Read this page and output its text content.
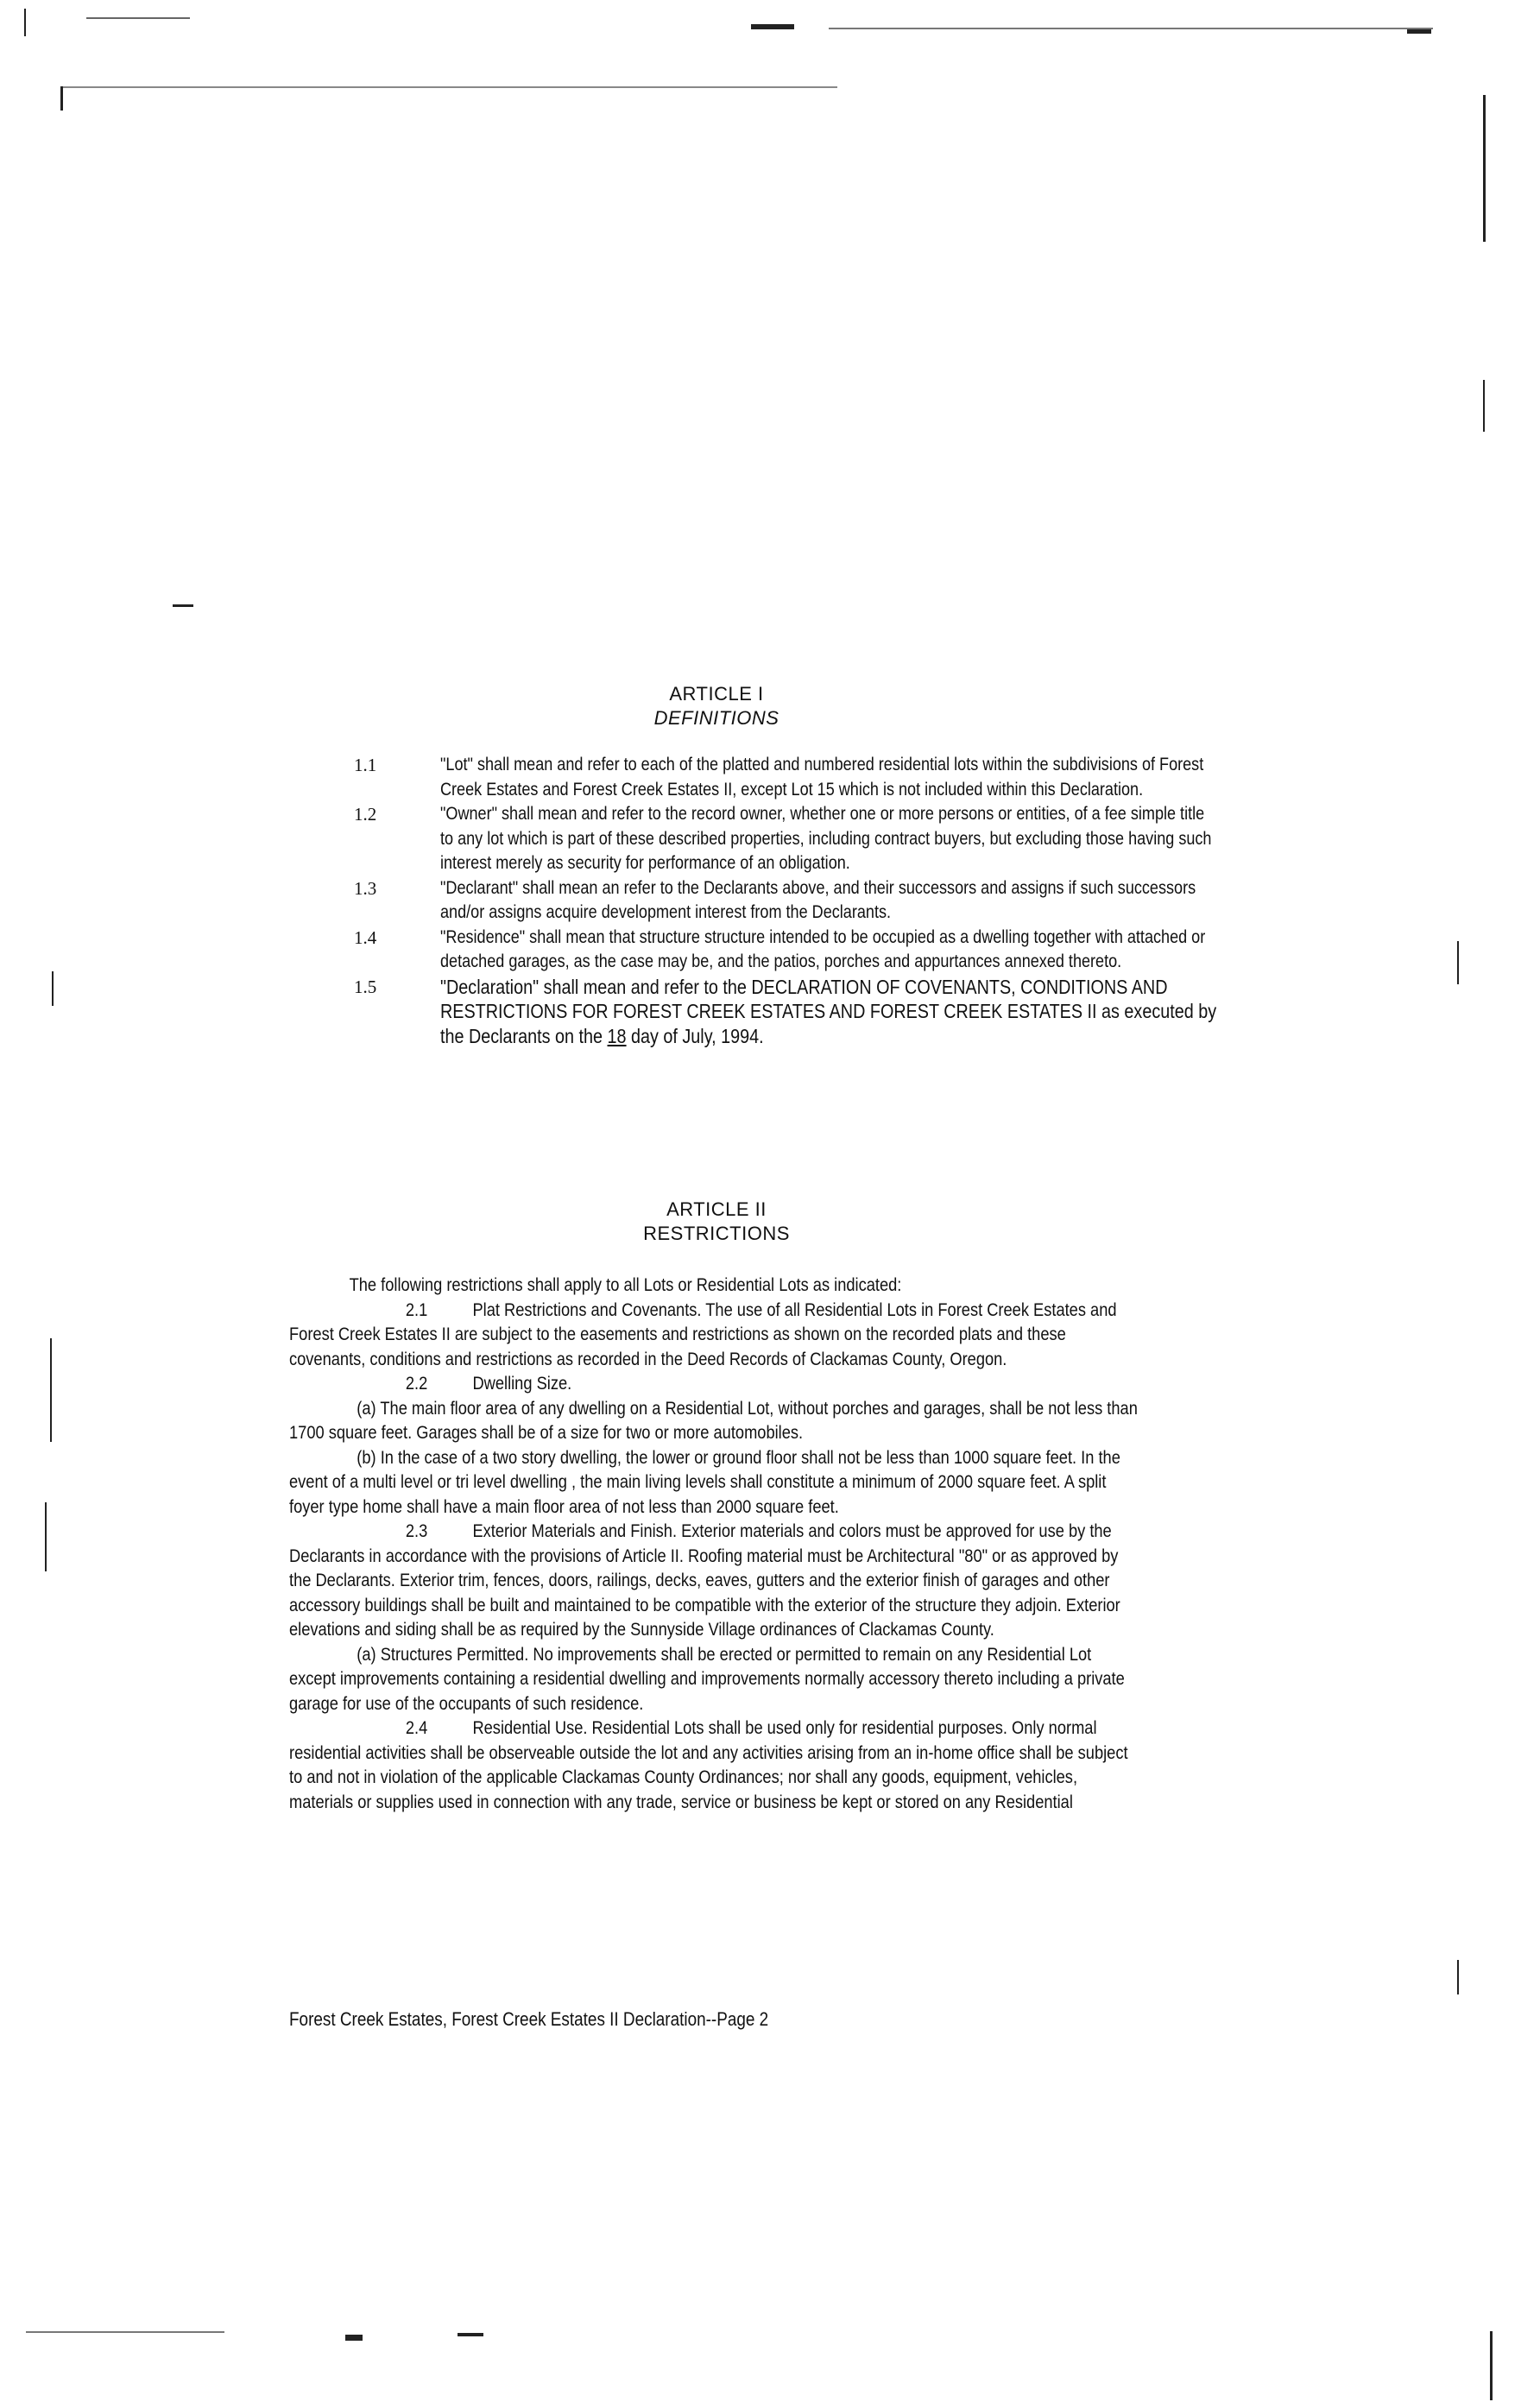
ARTICLE I
DEFINITIONS
1.1	"Lot" shall mean and refer to each of the platted and numbered residential lots within the subdivisions of Forest Creek Estates and Forest Creek Estates II, except Lot 15 which is not included within this Declaration.
1.2	"Owner" shall mean and refer to the record owner, whether one or more persons or entities, of a fee simple title to any lot which is part of these described properties, including contract buyers, but excluding those having such interest merely as security for performance of an obligation.
1.3	"Declarant" shall mean an refer to the Declarants above, and their successors and assigns if such successors and/or assigns acquire development interest from the Declarants.
1.4	"Residence" shall mean that structure structure intended to be occupied as a dwelling together with attached or detached garages, as the case may be, and the patios, porches and appurtances annexed thereto.
1.5	"Declaration" shall mean and refer to the DECLARATION OF COVENANTS, CONDITIONS AND RESTRICTIONS FOR FOREST CREEK ESTATES AND FOREST CREEK ESTATES II as executed by the Declarants on the 18 day of July, 1994.
ARTICLE II
RESTRICTIONS

The following restrictions shall apply to all Lots or Residential Lots as indicated:

2.1 Plat Restrictions and Covenants. The use of all Residential Lots in Forest Creek Estates and Forest Creek Estates II are subject to the easements and restrictions as shown on the recorded plats and these covenants, conditions and restrictions as recorded in the Deed Records of Clackamas County, Oregon.

2.2 Dwelling Size.

(a) The main floor area of any dwelling on a Residential Lot, without porches and garages, shall be not less than 1700 square feet. Garages shall be of a size for two or more automobiles.

(b) In the case of a two story dwelling, the lower or ground floor shall not be less than 1000 square feet. In the event of a multi level or tri level dwelling , the main living levels shall constitute a minimum of 2000 square feet. A split foyer type home shall have a main floor area of not less than 2000 square feet.

2.3 Exterior Materials and Finish. Exterior materials and colors must be approved for use by the Declarants in accordance with the provisions of Article II. Roofing material must be Architectural "80" or as approved by the Declarants. Exterior trim, fences, doors, railings, decks, eaves, gutters and the exterior finish of garages and other accessory buildings shall be built and maintained to be compatible with the exterior of the structure they adjoin. Exterior elevations and siding shall be as required by the Sunnyside Village ordinances of Clackamas County.

(a) Structures Permitted. No improvements shall be erected or permitted to remain on any Residential Lot except improvements containing a residential dwelling and improvements normally accessory thereto including a private garage for use of the occupants of such residence.

2.4 Residential Use. Residential Lots shall be used only for residential purposes. Only normal residential activities shall be observeable outside the lot and any activities arising from an in-home office shall be subject to and not in violation of the applicable Clackamas County Ordinances; nor shall any goods, equipment, vehicles, materials or supplies used in connection with any trade, service or business be kept or stored on any Residential

Forest Creek Estates, Forest Creek Estates II Declaration--Page 2
